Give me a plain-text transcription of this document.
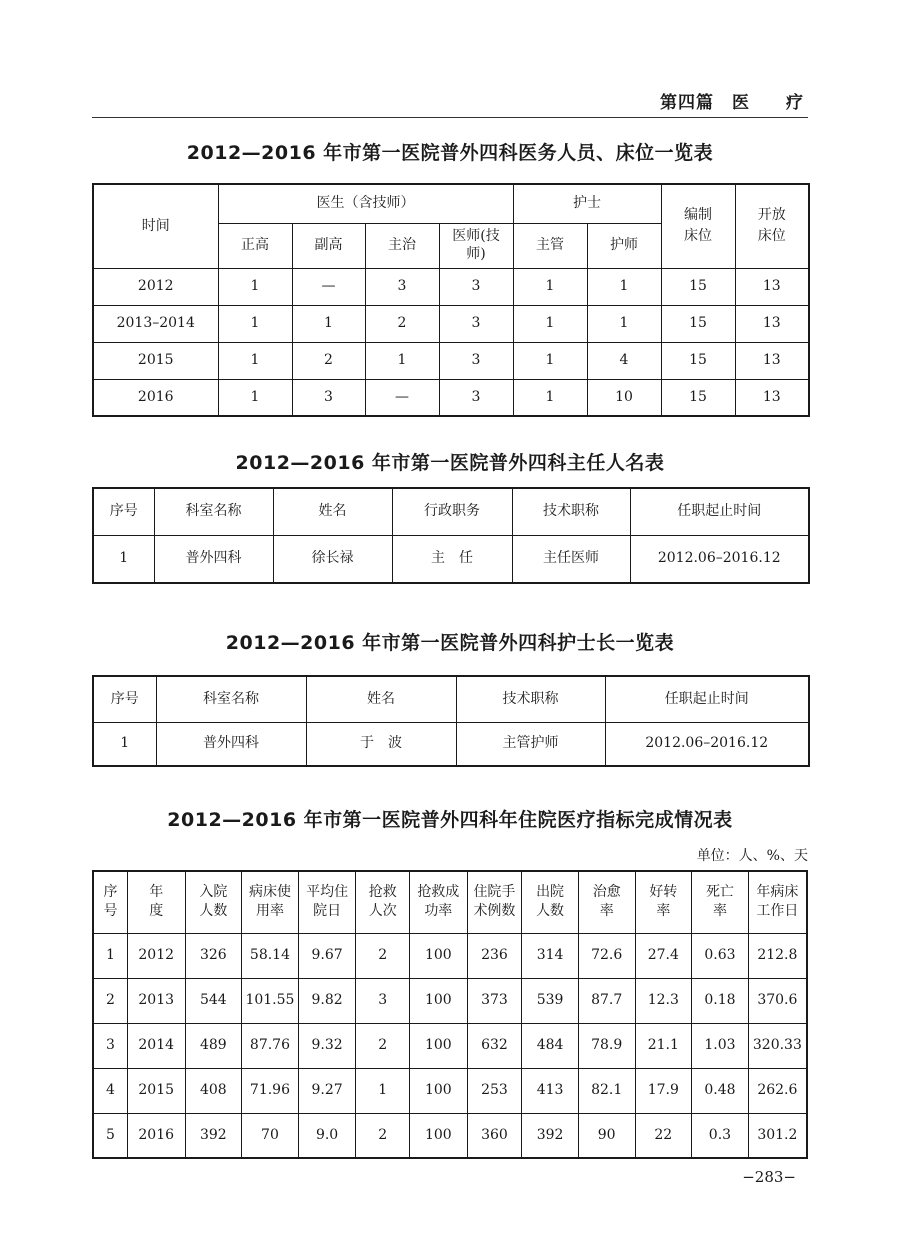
第四篇　医　　疗
2012—2016 年市第一医院普外四科医务人员、床位一览表
时间	医生（含技师）				护士		编制床位	开放床位
	正高	副高	主治	医师(技师)	主管	护师		
2012	1	—	3	3	1	1	15	13
2013–2014	1	1	2	3	1	1	15	13
2015	1	2	1	3	1	4	15	13
2016	1	3	—	3	1	10	15	13
2012—2016 年市第一医院普外四科主任人名表
序号	科室名称	姓名	行政职务	技术职称	任职起止时间
1	普外四科	徐长禄	主　任	主任医师	2012.06–2016.12
2012—2016 年市第一医院普外四科护士长一览表
序号	科室名称	姓名	技术职称	任职起止时间
1	普外四科	于　波	主管护师	2012.06–2016.12
2012—2016 年市第一医院普外四科年住院医疗指标完成情况表
单位：人、%、天
序号	年度	入院人数	病床使用率	平均住院日	抢救人次	抢救成功率	住院手术例数	出院人数	治愈率	好转率	死亡率	年病床工作日
1	2012	326	58.14	9.67	2	100	236	314	72.6	27.4	0.63	212.8
2	2013	544	101.55	9.82	3	100	373	539	87.7	12.3	0.18	370.6
3	2014	489	87.76	9.32	2	100	632	484	78.9	21.1	1.03	320.33
4	2015	408	71.96	9.27	1	100	253	413	82.1	17.9	0.48	262.6
5	2016	392	70	9.0	2	100	360	392	90	22	0.3	301.2
−283−
